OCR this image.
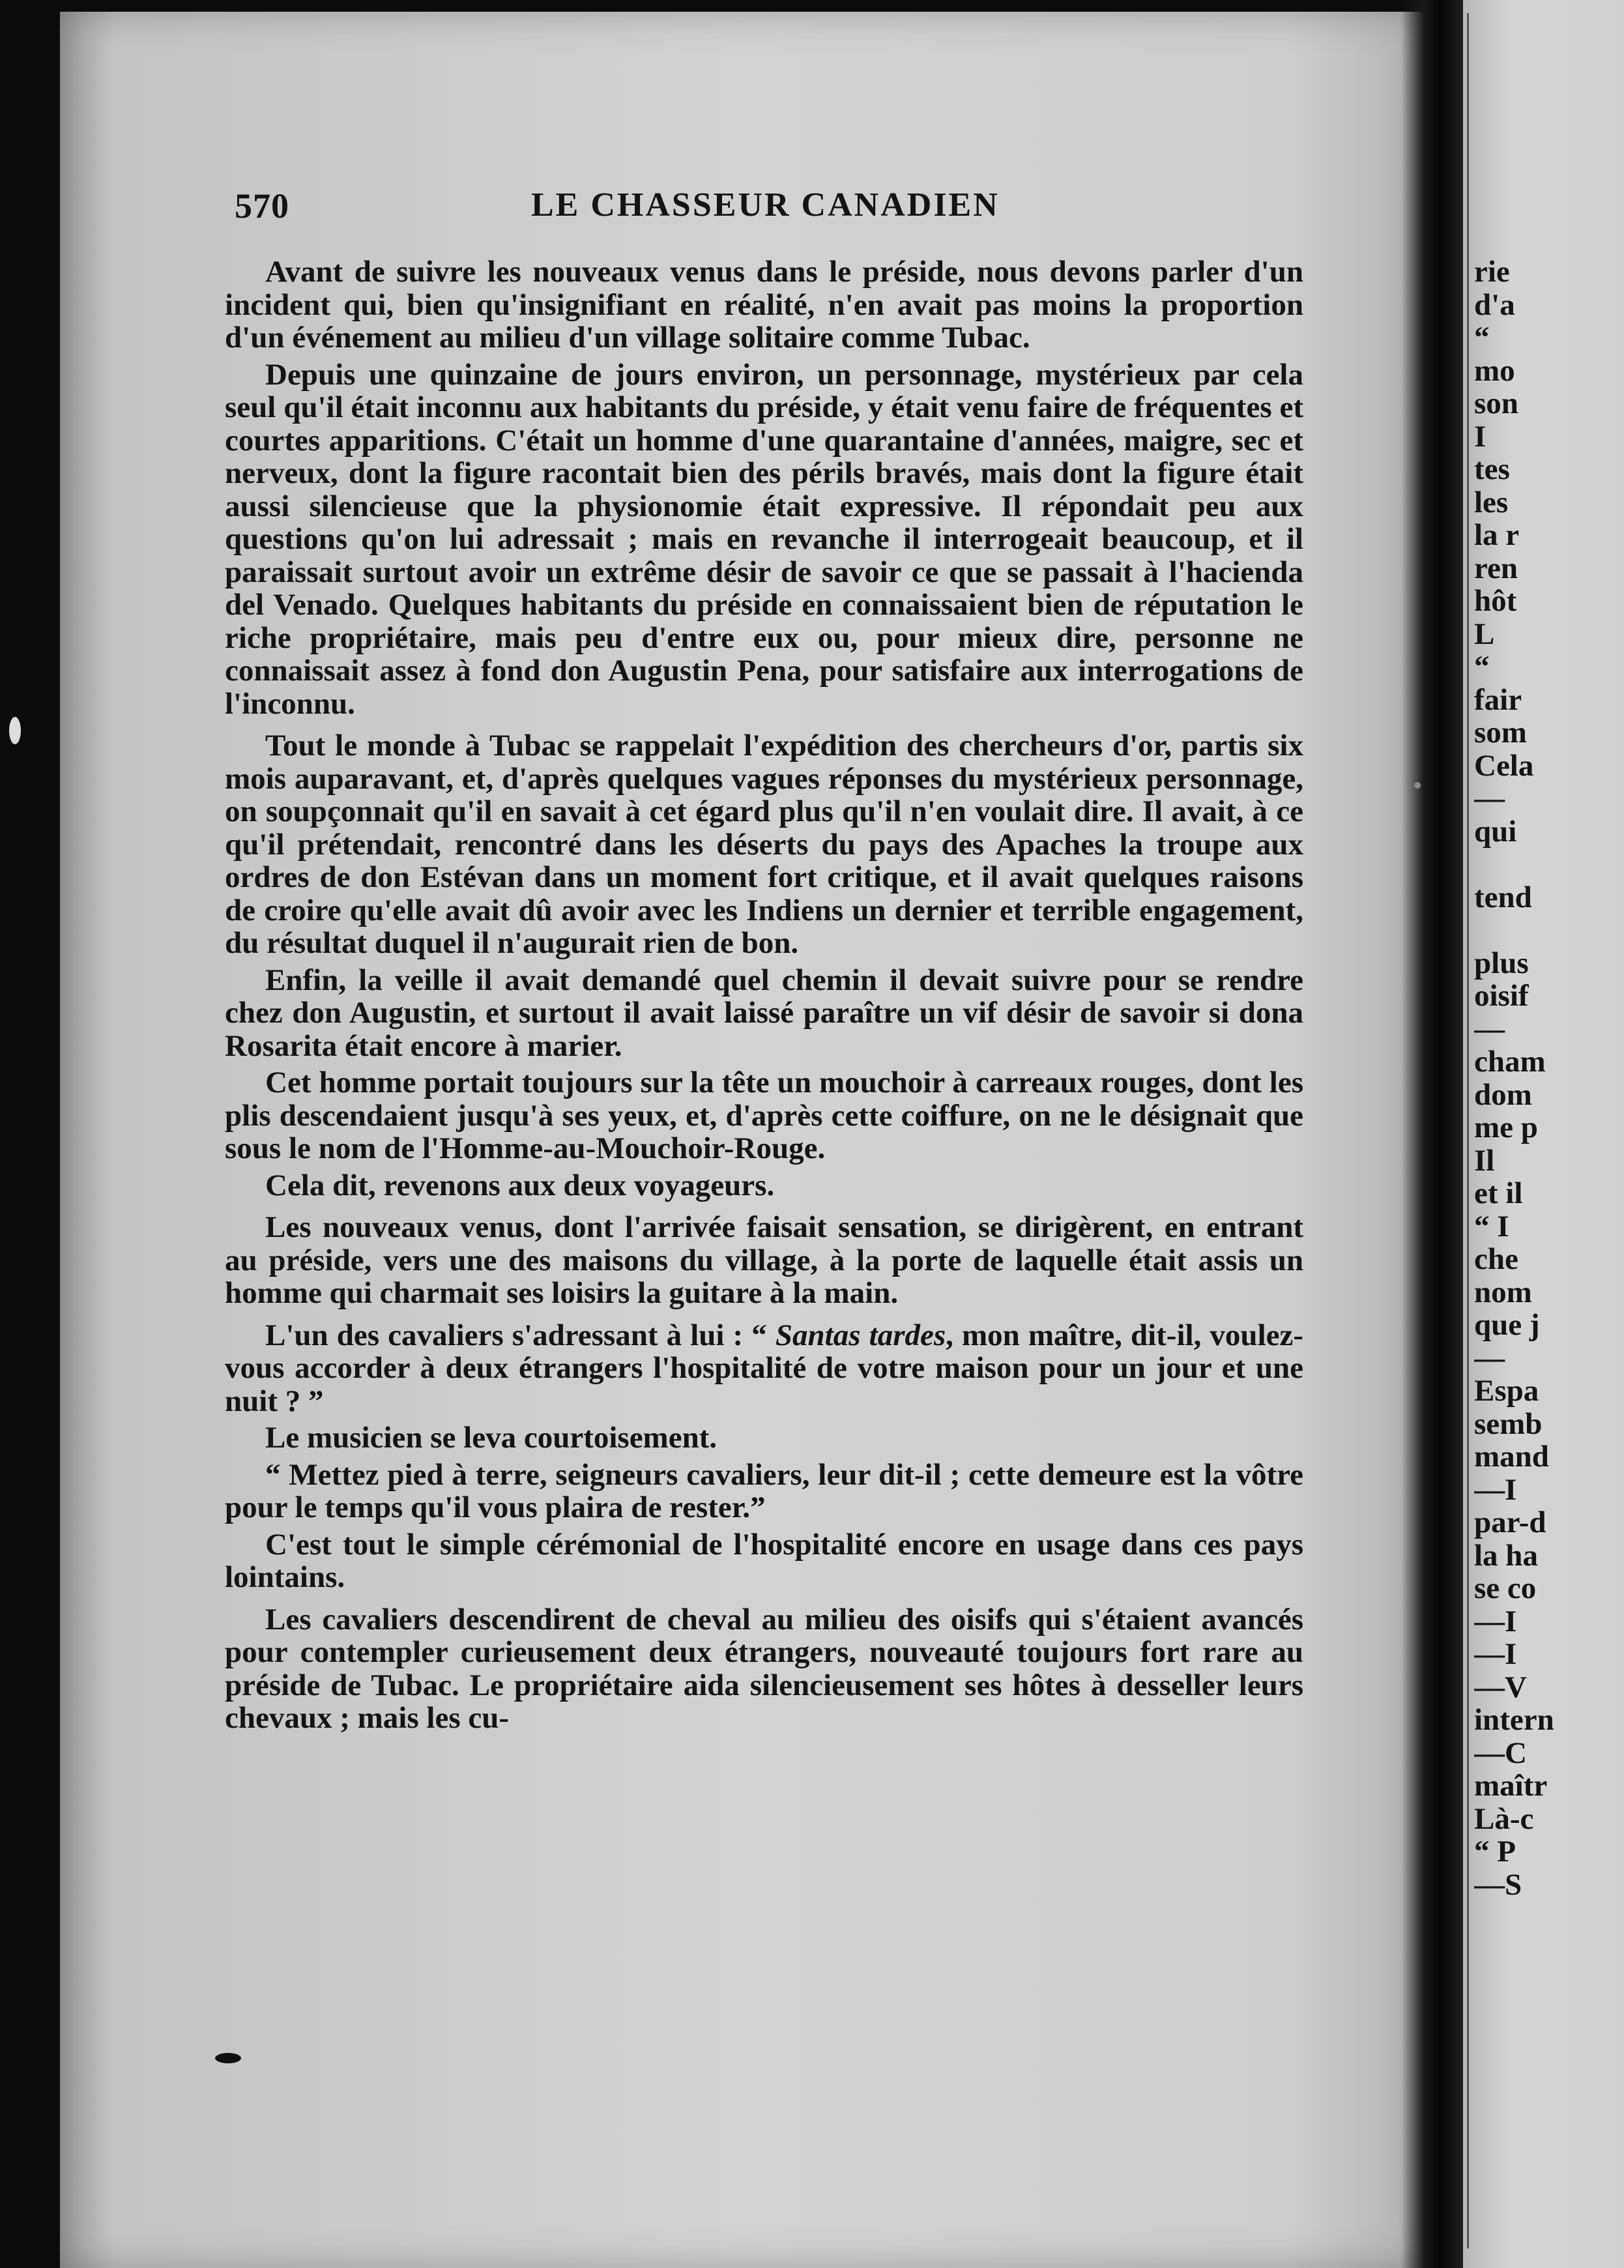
570	LE CHASSEUR CANADIEN

Avant de suivre les nouveaux venus dans le préside, nous devons parler d'un incident qui, bien qu'insignifiant en réalité, n'en avait pas moins la proportion d'un événement au milieu d'un village solitaire comme Tubac.

Depuis une quinzaine de jours environ, un personnage, mystérieux par cela seul qu'il était inconnu aux habitants du préside, y était venu faire de fréquentes et courtes apparitions. C'était un homme d'une quarantaine d'années, maigre, sec et nerveux, dont la figure racontait bien des périls bravés, mais dont la figure était aussi silencieuse que la physionomie était expressive. Il répondait peu aux questions qu'on lui adressait ; mais en revanche il interrogeait beaucoup, et il paraissait surtout avoir un extrême désir de savoir ce que se passait à l'hacienda del Venado. Quelques habitants du préside en connaissaient bien de réputation le riche propriétaire, mais peu d'entre eux ou, pour mieux dire, personne ne connaissait assez à fond don Augustin Pena, pour satisfaire aux interrogations de l'inconnu.

Tout le monde à Tubac se rappelait l'expédition des chercheurs d'or, partis six mois auparavant, et, d'après quelques vagues réponses du mystérieux personnage, on soupçonnait qu'il en savait à cet égard plus qu'il n'en voulait dire. Il avait, à ce qu'il prétendait, rencontré dans les déserts du pays des Apaches la troupe aux ordres de don Estévan dans un moment fort critique, et il avait quelques raisons de croire qu'elle avait dû avoir avec les Indiens un dernier et terrible engagement, du résultat duquel il n'augurait rien de bon.

Enfin, la veille il avait demandé quel chemin il devait suivre pour se rendre chez don Augustin, et surtout il avait laissé paraître un vif désir de savoir si dona Rosarita était encore à marier.

Cet homme portait toujours sur la tête un mouchoir à carreaux rouges, dont les plis descendaient jusqu'à ses yeux, et, d'après cette coiffure, on ne le désignait que sous le nom de l'Homme-au-Mouchoir-Rouge.

Cela dit, revenons aux deux voyageurs.

Les nouveaux venus, dont l'arrivée faisait sensation, se dirigèrent, en entrant au préside, vers une des maisons du village, à la porte de laquelle était assis un homme qui charmait ses loisirs la guitare à la main.

L'un des cavaliers s'adressant à lui : “ Santas tardes, mon maître, dit-il, voulez-vous accorder à deux étrangers l'hospitalité de votre maison pour un jour et une nuit ? ”

Le musicien se leva courtoisement.

“ Mettez pied à terre, seigneurs cavaliers, leur dit-il ; cette demeure est la vôtre pour le temps qu'il vous plaira de rester.”

C'est tout le simple cérémonial de l'hospitalité encore en usage dans ces pays lointains.

Les cavaliers descendirent de cheval au milieu des oisifs qui s'étaient avancés pour contempler curieusement deux étrangers, nouveauté toujours fort rare au préside de Tubac. Le propriétaire aida silencieusement ses hôtes à desseller leurs chevaux ; mais les cu-

rie
d'a
“
mo
son
I
tes
les
la r
ren
hôt
L
“
fair
som
Cela
—
qui
tend
plus
oisif
—
cham
dom
me p
Il
et il
“ I
che
nom
que j
—
Espa
semb
mand
—I
par-d
la ha
se co
—I
—I
—V
intern
—C
maîtr
Là-c
“ P
—S
